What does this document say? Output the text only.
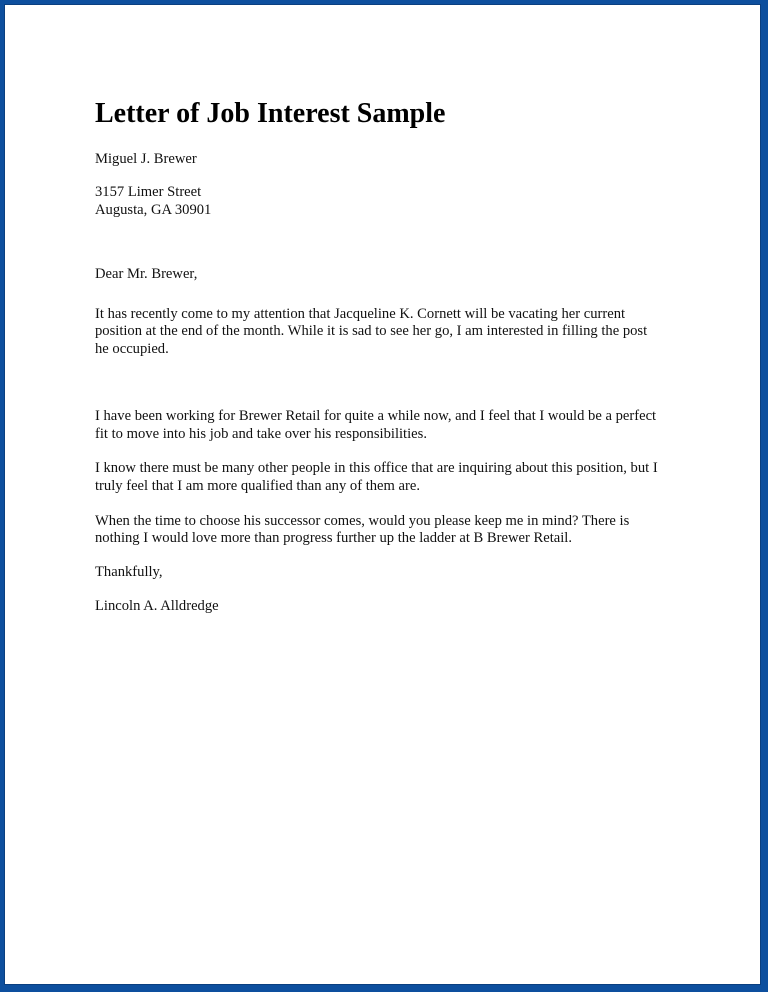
Letter of Job Interest Sample
Miguel J. Brewer
3157 Limer Street
Augusta, GA 30901
Dear Mr. Brewer,
It has recently come to my attention that Jacqueline K. Cornett will be vacating her current
position at the end of the month. While it is sad to see her go, I am interested in filling the post
he occupied.
I have been working for Brewer Retail for quite a while now, and I feel that I would be a perfect
fit to move into his job and take over his responsibilities.
I know there must be many other people in this office that are inquiring about this position, but I
truly feel that I am more qualified than any of them are.
When the time to choose his successor comes, would you please keep me in mind? There is
nothing I would love more than progress further up the ladder at B Brewer Retail.
Thankfully,
Lincoln A. Alldredge
